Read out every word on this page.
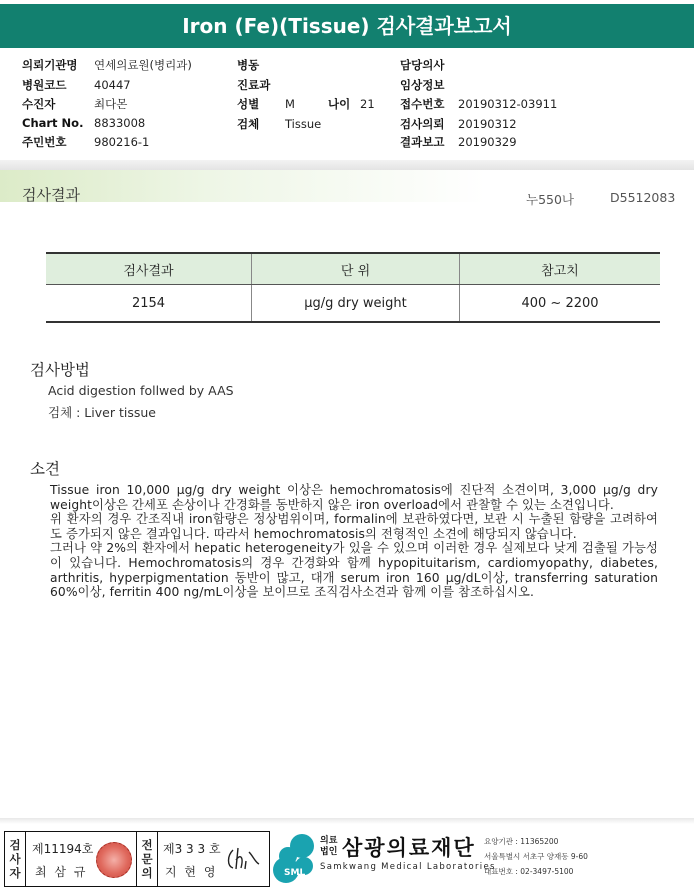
Iron (Fe)(Tissue) 검사결과보고서
의뢰기관명 연세의료원(병리과)
병원코드 40447
수진자	최다몬
Chart No. 8833008
주민번호 980216-1
병동
진료과
성별 M	나이 21
검체 Tissue
담당의사
임상정보
접수번호 20190312-03911
검사의뢰 20190312
결과보고 20190329
검사결과	누550나	D5512083
검사결과	단 위	참고치
2154	μg/g dry weight	400 ~ 2200
검사방법
Acid digestion follwed by AAS
검체 : Liver tissue
소견

Tissue iron 10,000 μg/g dry weight 이상은 hemochromatosis에 진단적 소견이며, 3,000 μg/g dry weight이상은 간세포 손상이나 간경화를 동반하지 않은 iron overload에서 관찰할 수 있는 소견입니다.

위 환자의 경우 간조직내 iron함량은 정상범위이며, formalin에 보관하였다면, 보관 시 누출된 함량을 고려하여도 증가되지 않은 결과입니다. 따라서 hemochromatosis의 전형적인 소견에 해당되지 않습니다.

그러나 약 2%의 환자에서 hepatic heterogeneity가 있을 수 있으며 이러한 경우 실제보다 낮게 검출될 가능성이 있습니다. Hemochromatosis의 경우 간경화와 함께 hypopituitarism, cardiomyopathy, diabetes, arthritis, hyperpigmentation 동반이 많고, 대개 serum iron 160 μg/dL이상, transferring saturation 60%이상, ferritin 400 ng/mL이상을 보이므로 조직검사소견과 함께 이를 참조하십시오.

검사자
제11194호
최 삼 규
전문의
제3 3 3 호
지 현 영	SML
의료 법인 삼광의료재단
Samkwang Medical Laboratories
요양기관 : 11365200
서울특별시 서초구 양재동 9-60
대표번호 : 02-3497-5100
